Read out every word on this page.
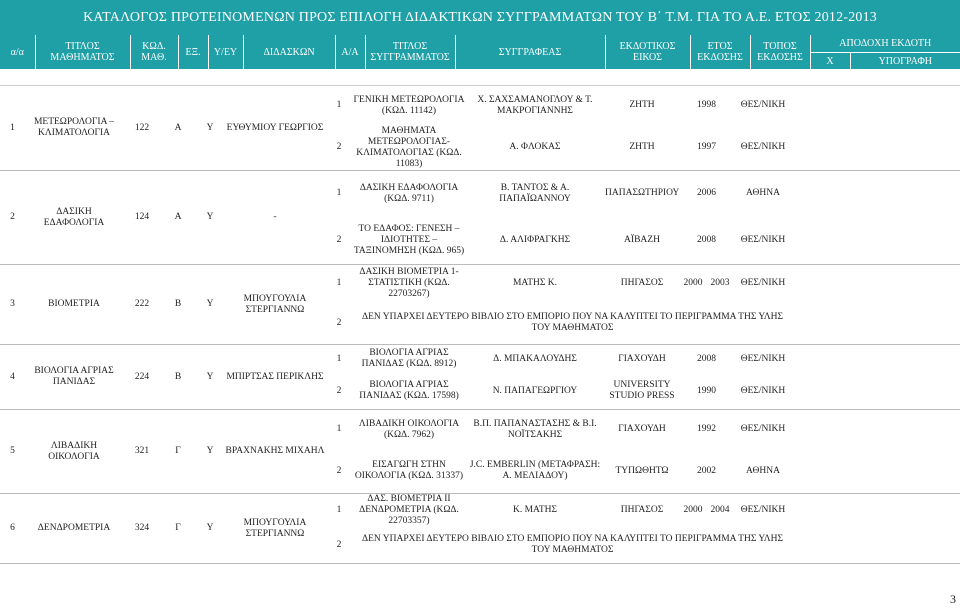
ΚΑΤΑΛΟΓΟΣ ΠΡΟΤΕΙΝΟΜΕΝΩΝ ΠΡΟΣ ΕΠΙΛΟΓΗ ΔΙΔΑΚΤΙΚΩΝ ΣΥΓΓΡΑΜΜΑΤΩΝ ΤΟΥ Β΄ Τ.Μ. ΓΙΑ ΤΟ Α.Ε. ΕΤΟΣ 2012-2013													
α/α	ΤΙΤΛΟΣ ΜΑΘΗΜΑΤΟΣ	ΚΩΔ. ΜΑΘ.	ΕΞ.	Υ/ΕΥ	ΔΙΔΑΣΚΩΝ	Α/Α	ΤΙΤΛΟΣ ΣΥΓΓΡΑΜΜΑΤΟΣ	ΣΥΓΓΡΑΦΕΑΣ	ΕΚΔΟΤΙΚΟΣ ΕΙΚΟΣ	ΕΤΟΣ ΕΚΔΟΣΗΣ	ΤΟΠΟΣ ΕΚΔΟΣΗΣ	ΑΠΟΔΟΧΗ ΕΚΔΟΤΗ	
												Χ	ΥΠΟΓΡΑΦΗ
1	ΜΕΤΕΩΡΟΛΟΓΙΑ – ΚΛΙΜΑΤΟΛΟΓΙΑ	122	Α	Υ	ΕΥΘΥΜΙΟΥ ΓΕΩΡΓΙΟΣ	1	ΓΕΝΙΚΗ ΜΕΤΕΩΡΟΛΟΓΙΑ (ΚΩΔ. 11142)	Χ. ΣΑΧΣΑΜΑΝΟΓΛΟΥ & Τ. ΜΑΚΡΟΓΙΑΝΝΗΣ	ΖΗΤΗ	1998	ΘΕΣ/ΝΙΚΗ		
						2	ΜΑΘΗΜΑΤΑ ΜΕΤΕΩΡΟΛΟΓΙΑΣ-ΚΛΙΜΑΤΟΛΟΓΙΑΣ (ΚΩΔ. 11083)	Α. ΦΛΟΚΑΣ	ΖΗΤΗ	1997	ΘΕΣ/ΝΙΚΗ		
2	ΔΑΣΙΚΗ ΕΔΑΦΟΛΟΓΙΑ	124	Α	Υ	-	1	ΔΑΣΙΚΗ ΕΔΑΦΟΛΟΓΙΑ (ΚΩΔ. 9711)	Β. ΤΑΝΤΟΣ & Α. ΠΑΠΑΪΩΑΝΝΟΥ	ΠΑΠΑΣΩΤΗΡΙΟΥ	2006	ΑΘΗΝΑ		
						2	ΤΟ ΕΔΑΦΟΣ: ΓΕΝΕΣΗ – ΙΔΙΟΤΗΤΕΣ – ΤΑΞΙΝΟΜΗΣΗ (ΚΩΔ. 965)	Δ. ΑΛΙΦΡΑΓΚΗΣ	ΑΪΒΑΖΗ	2008	ΘΕΣ/ΝΙΚΗ		
3	ΒΙΟΜΕΤΡΙΑ	222	Β	Υ	ΜΠΟΥΓΟΥΛΙΑ ΣΤΕΡΓΙΑΝΝΩ	1	ΔΑΣΙΚΗ ΒΙΟΜΕΤΡΙΑ 1-ΣΤΑΤΙΣΤΙΚΗ (ΚΩΔ. 22703267)	ΜΑΤΗΣ Κ.	ΠΗΓΑΣΟΣ	2000 2003	ΘΕΣ/ΝΙΚΗ		
						2	ΔΕΝ ΥΠΑΡΧΕΙ ΔΕΥΤΕΡΟ ΒΙΒΛΙΟ ΣΤΟ ΕΜΠΟΡΙΟ ΠΟΥ ΝΑ ΚΑΛΥΠΤΕΙ ΤΟ ΠΕΡΙΓΡΑΜΜΑ ΤΗΣ ΥΛΗΣ ΤΟΥ ΜΑΘΗΜΑΤΟΣ						
4	ΒΙΟΛΟΓΙΑ ΑΓΡΙΑΣ ΠΑΝΙΔΑΣ	224	Β	Υ	ΜΠΙΡΤΣΑΣ ΠΕΡΙΚΛΗΣ	1	ΒΙΟΛΟΓΙΑ ΑΓΡΙΑΣ ΠΑΝΙΔΑΣ (ΚΩΔ. 8912)	Δ. ΜΠΑΚΑΛΟΥΔΗΣ	ΓΙΑΧΟΥΔΗ	2008	ΘΕΣ/ΝΙΚΗ		
						2	ΒΙΟΛΟΓΙΑ ΑΓΡΙΑΣ ΠΑΝΙΔΑΣ (ΚΩΔ. 17598)	Ν. ΠΑΠΑΓΕΩΡΓΙΟΥ	UNIVERSITY STUDIO PRESS	1990	ΘΕΣ/ΝΙΚΗ		
5	ΛΙΒΑΔΙΚΗ ΟΙΚΟΛΟΓΙΑ	321	Γ	Υ	ΒΡΑΧΝΑΚΗΣ ΜΙΧΑΗΛ	1	ΛΙΒΑΔΙΚΗ ΟΙΚΟΛΟΓΙΑ (ΚΩΔ. 7962)	Β.Π. ΠΑΠΑΝΑΣΤΑΣΗΣ & Β.Ι. ΝΟΪΤΣΑΚΗΣ	ΓΙΑΧΟΥΔΗ	1992	ΘΕΣ/ΝΙΚΗ		
						2	ΕΙΣΑΓΩΓΗ ΣΤΗΝ ΟΙΚΟΛΟΓΙΑ (ΚΩΔ. 31337)	J.C. EMBERLIN (ΜΕΤΑΦΡΑΣΗ: Α. ΜΕΛΙΑΔΟΥ)	ΤΥΠΩΘΗΤΩ	2002	ΑΘΗΝΑ		
6	ΔΕΝΔΡΟΜΕΤΡΙΑ	324	Γ	Υ	ΜΠΟΥΓΟΥΛΙΑ ΣΤΕΡΓΙΑΝΝΩ	1	ΔΑΣ. ΒΙΟΜΕΤΡΙΑ ΙΙ ΔΕΝΔΡΟΜΕΤΡΙΑ (ΚΩΔ. 22703357)	Κ. ΜΑΤΗΣ	ΠΗΓΑΣΟΣ	2000 2004	ΘΕΣ/ΝΙΚΗ		
						2	ΔΕΝ ΥΠΑΡΧΕΙ ΔΕΥΤΕΡΟ ΒΙΒΛΙΟ ΣΤΟ ΕΜΠΟΡΙΟ ΠΟΥ ΝΑ ΚΑΛΥΠΤΕΙ ΤΟ ΠΕΡΙΓΡΑΜΜΑ ΤΗΣ ΥΛΗΣ ΤΟΥ ΜΑΘΗΜΑΤΟΣ						
3
